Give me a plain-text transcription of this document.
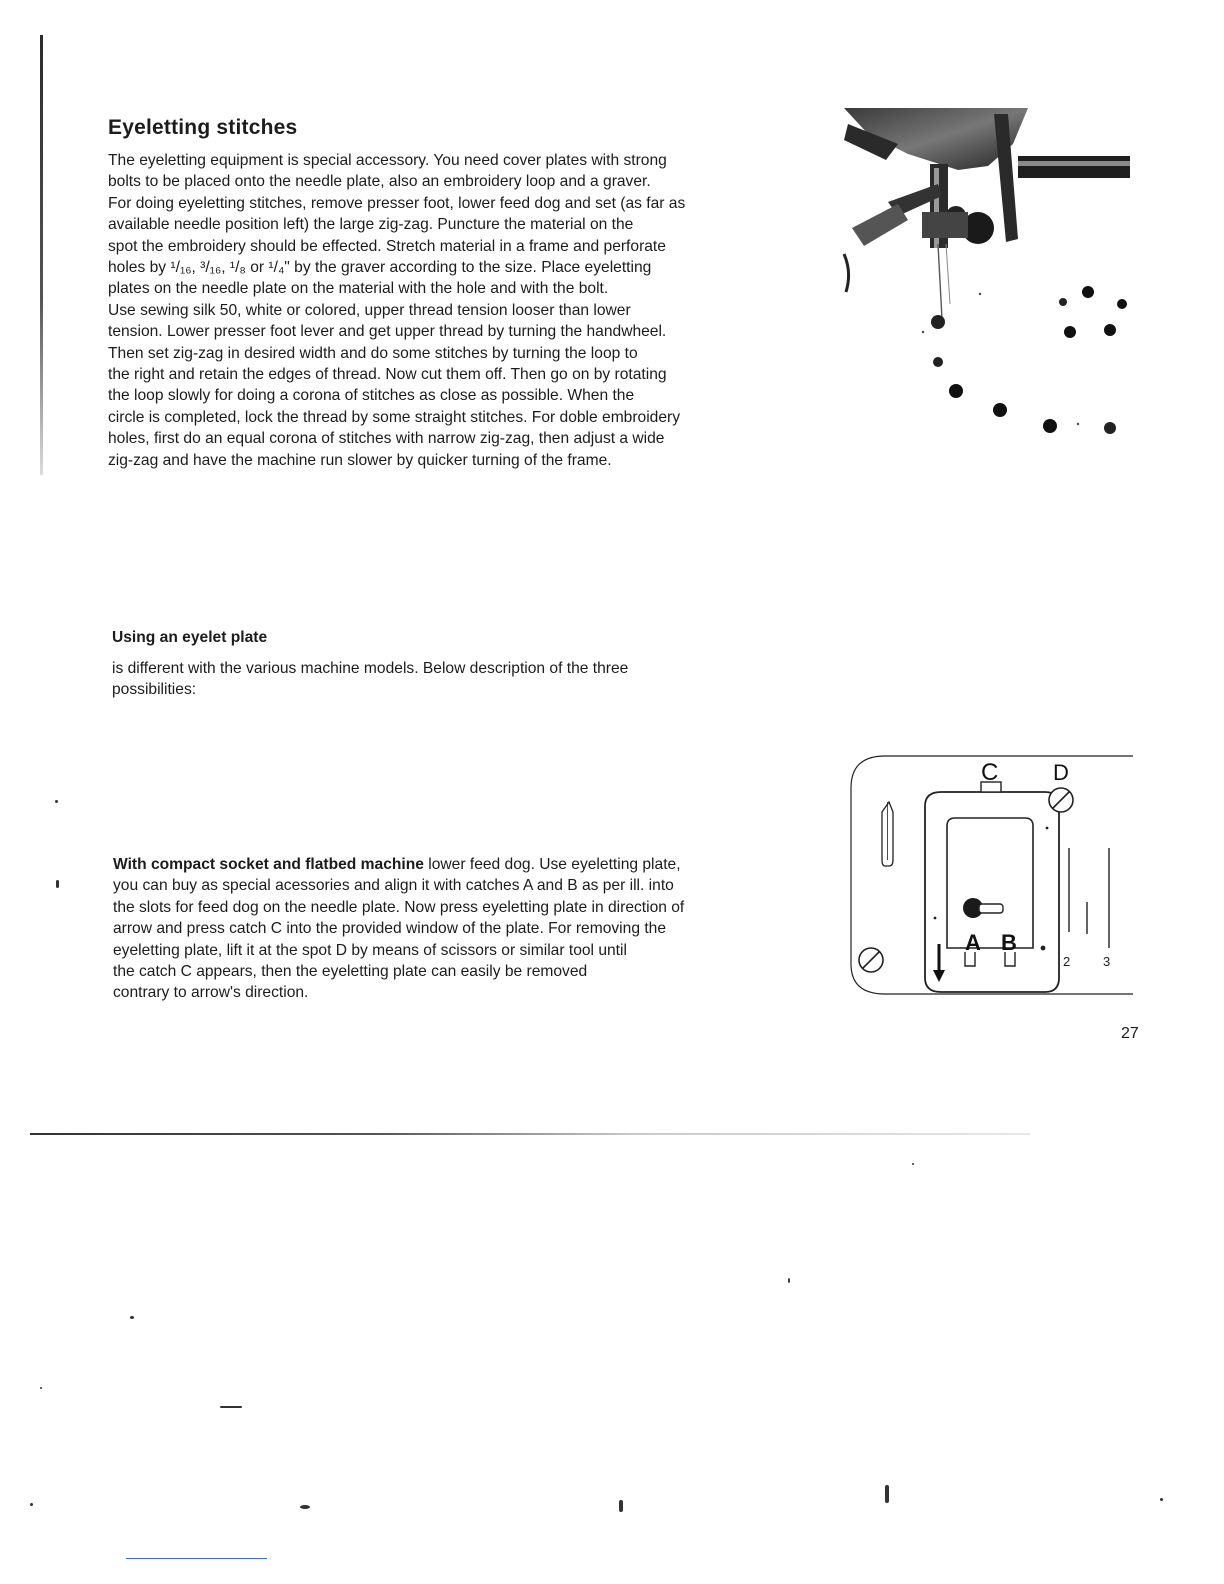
Eyeletting stitches

The eyeletting equipment is special accessory. You need cover plates with strong
bolts to be placed onto the needle plate, also an embroidery loop and a graver.
For doing eyeletting stitches, remove presser foot, lower feed dog and set (as far as
available needle position left) the large zig-zag. Puncture the material on the
spot the embroidery should be effected. Stretch material in a frame and perforate
holes by ¹/₁₆, ³/₁₆, ¹/₈ or ¹/₄" by the graver according to the size. Place eyeletting
plates on the needle plate on the material with the hole and with the bolt.
Use sewing silk 50, white or colored, upper thread tension looser than lower
tension. Lower presser foot lever and get upper thread by turning the handwheel.
Then set zig-zag in desired width and do some stitches by turning the loop to
the right and retain the edges of thread. Now cut them off. Then go on by rotating
the loop slowly for doing a corona of stitches as close as possible. When the
circle is completed, lock the thread by some straight stitches. For doble embroidery
holes, first do an equal corona of stitches with narrow zig-zag, then adjust a wide
zig-zag and have the machine run slower by quicker turning of the frame.

Using an eyelet plate

is different with the various machine models. Below description of the three
possibilities:

With compact socket and flatbed machine lower feed dog. Use eyeletting plate,
you can buy as special acessories and align it with catches A and B as per ill. into
the slots for feed dog on the needle plate. Now press eyeletting plate in direction of
arrow and press catch C into the provided window of the plate. For removing the
eyeletting plate, lift it at the spot D by means of scissors or similar tool until
the catch C appears, then the eyeletting plate can easily be removed
contrary to arrow's direction.

C D
A B
2	3
27
